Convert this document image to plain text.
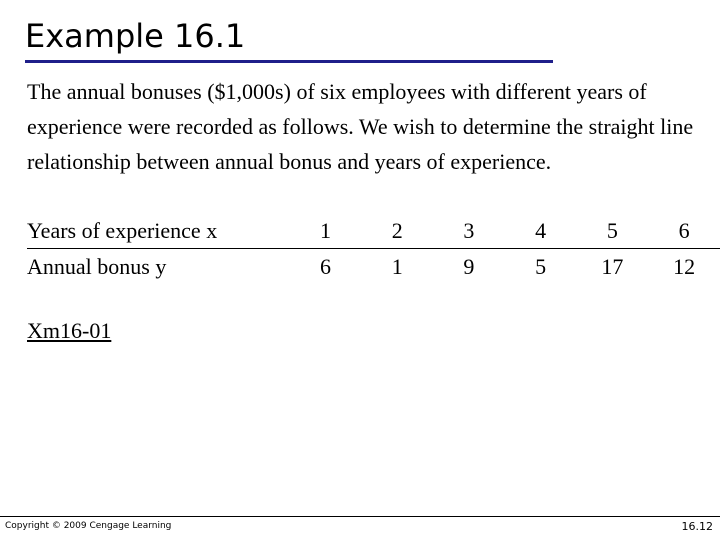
Example 16.1

The annual bonuses ($1,000s) of six employees with different years of experience were recorded as follows. We wish to determine the straight line relationship between annual bonus and years of experience.

Years of experience x	1	2	3	4	5	6
Annual bonus y	6	1	9	5	17	12
Xm16-01
Copyright © 2009 Cengage Learning	16.12
